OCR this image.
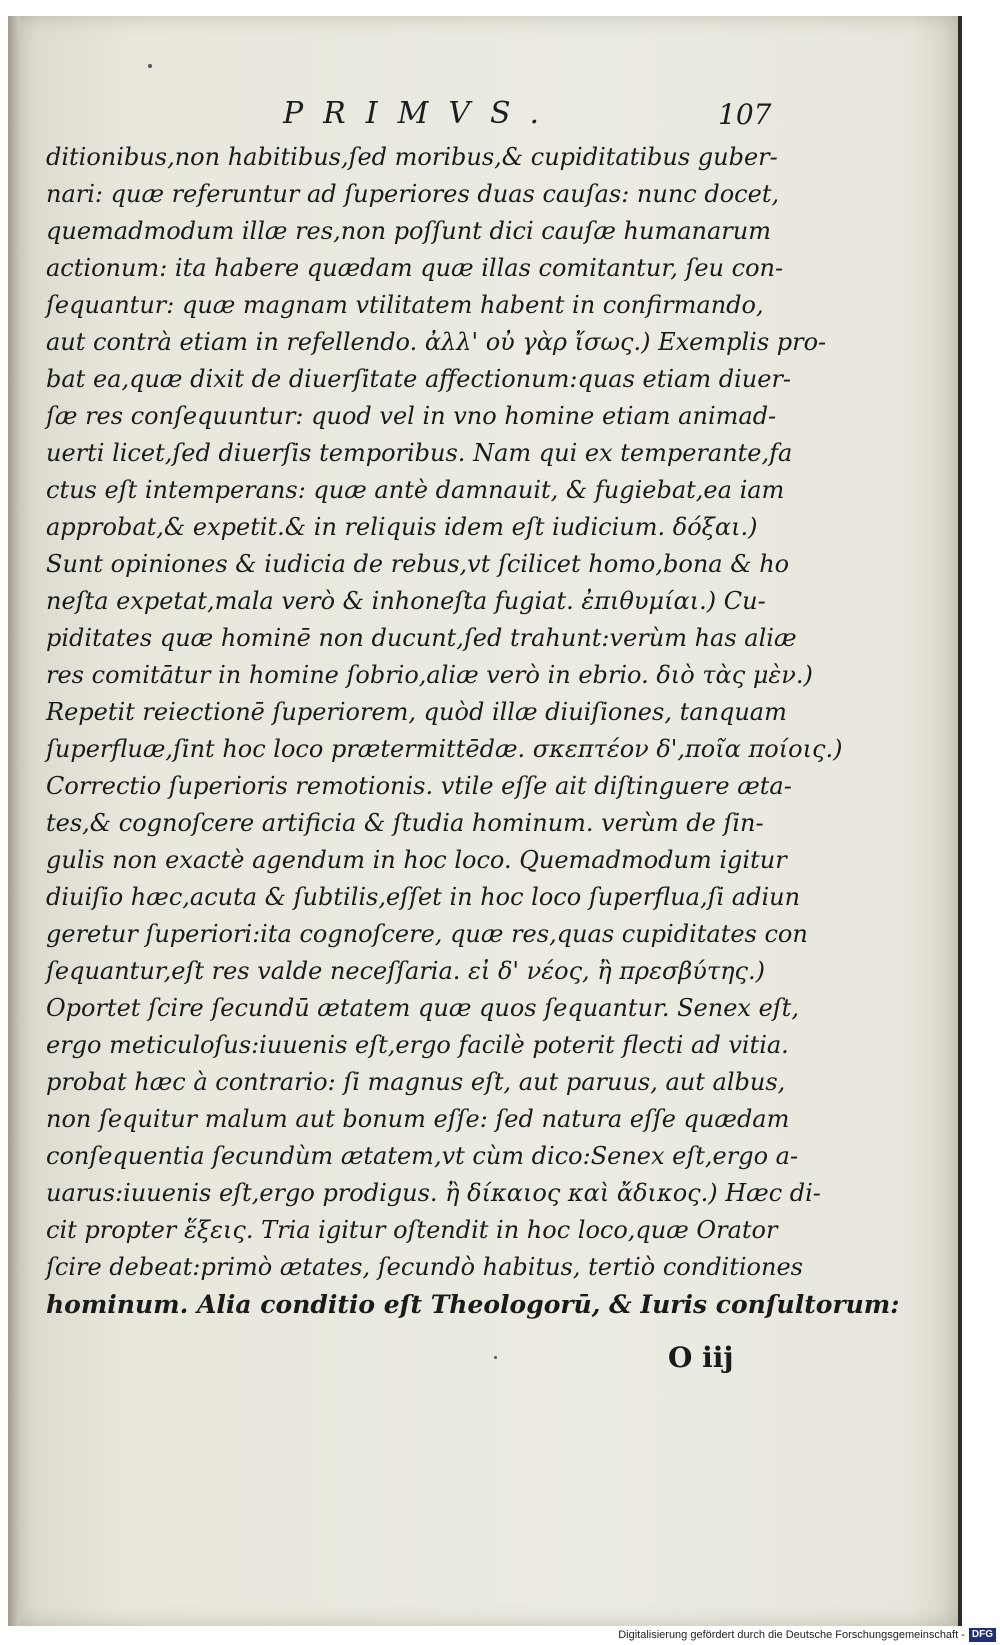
PRIMVS.	107
ditionibus,non habitibus,ſed moribus,& cupiditatibus guber-
nari: quæ referuntur ad ſuperiores duas cauſas: nunc docet,
quemadmodum illæ res,non poſſunt dici cauſæ humanarum
actionum: ita habere quædam quæ illas comitantur, ſeu con-
ſequantur: quæ magnam vtilitatem habent in confirmando,
aut contrà etiam in refellendo. ἀλλ' οὐ γὰρ ἴσως.) Exemplis pro-
bat ea,quæ dixit de diuerſitate affectionum:quas etiam diuer-
ſæ res conſequuntur: quod vel in vno homine etiam animad-
uerti licet,ſed diuerſis temporibus. Nam qui ex temperante,fa
ctus eſt intemperans: quæ antè damnauit, & fugiebat,ea iam
approbat,& expetit.& in reliquis idem eſt iudicium. δόξαι.)
Sunt opiniones & iudicia de rebus,vt ſcilicet homo,bona & ho
neſta expetat,mala verò & inhoneſta fugiat. ἐπιθυμίαι.) Cu-
piditates quæ hominē non ducunt,ſed trahunt:verùm has aliæ
res comitātur in homine ſobrio,aliæ verò in ebrio. διὸ τὰς μὲν.)
Repetit reiectionē ſuperiorem, quòd illæ diuiſiones, tanquam
ſuperfluæ,ſint hoc loco prætermittēdæ. σκεπτέον δ',ποῖα ποίοις.)
Correctio ſuperioris remotionis. vtile eſſe ait diſtinguere æta-
tes,& cognoſcere artificia & ſtudia hominum. verùm de ſin-
gulis non exactè agendum in hoc loco. Quemadmodum igitur
diuiſio hæc,acuta & ſubtilis,eſſet in hoc loco ſuperflua,ſi adiun
geretur ſuperiori:ita cognoſcere, quæ res,quas cupiditates con
ſequantur,eſt res valde neceſſaria. εἰ δ' νέος, ἢ πρεσβύτης.)
Oportet ſcire ſecundū ætatem quæ quos ſequantur. Senex eſt,
ergo meticuloſus:iuuenis eſt,ergo facilè poterit flecti ad vitia.
probat hæc à contrario: ſi magnus eſt, aut paruus, aut albus,
non ſequitur malum aut bonum eſſe: ſed natura eſſe quædam
conſequentia ſecundùm ætatem,vt cùm dico:Senex eſt,ergo a-
uarus:iuuenis eſt,ergo prodigus. ἢ δίκαιος καὶ ἄδικος.) Hæc di-
cit propter ἕξεις. Tria igitur oſtendit in hoc loco,quæ Orator
ſcire debeat:primò ætates, ſecundò habitus, tertiò conditiones
hominum. Alia conditio eſt Theologorū, & Iuris conſultorum:
O iij
Digitalisierung gefördert durch die Deutsche Forschungsgemeinschaft - DFG
